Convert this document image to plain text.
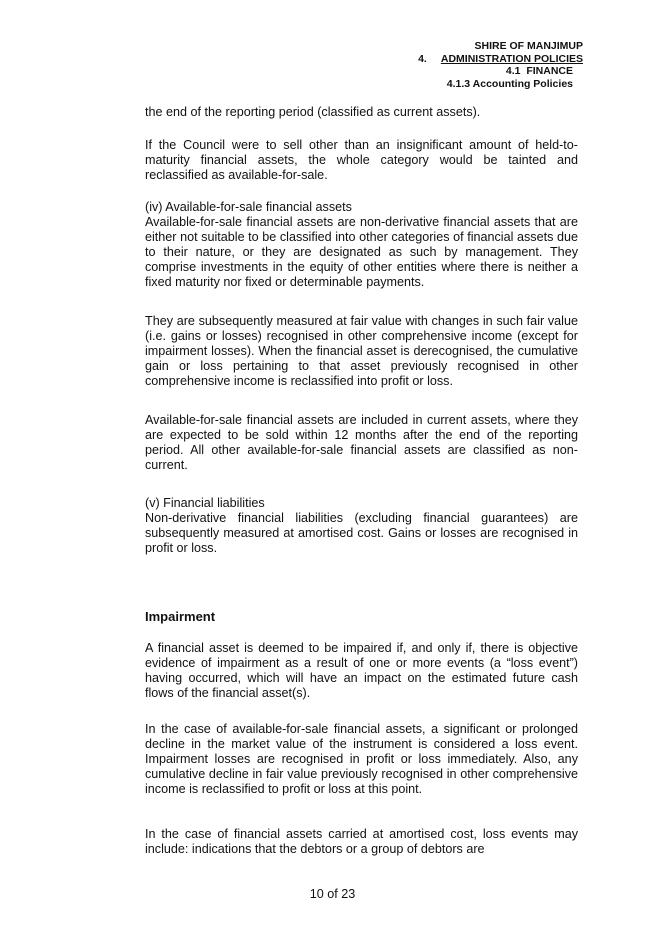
SHIRE OF MANJIMUP
4. ADMINISTRATION POLICIES
4.1 FINANCE
4.1.3 Accounting Policies

the end of the reporting period (classified as current assets).

If the Council were to sell other than an insignificant amount of held-to-maturity financial assets, the whole category would be tainted and reclassified as available-for-sale.

(iv) Available-for-sale financial assets

Available-for-sale financial assets are non-derivative financial assets that are either not suitable to be classified into other categories of financial assets due to their nature, or they are designated as such by management. They comprise investments in the equity of other entities where there is neither a fixed maturity nor fixed or determinable payments.

They are subsequently measured at fair value with changes in such fair value (i.e. gains or losses) recognised in other comprehensive income (except for impairment losses). When the financial asset is derecognised, the cumulative gain or loss pertaining to that asset previously recognised in other comprehensive income is reclassified into profit or loss.

Available-for-sale financial assets are included in current assets, where they are expected to be sold within 12 months after the end of the reporting period. All other available-for-sale financial assets are classified as non-current.

(v) Financial liabilities

Non-derivative financial liabilities (excluding financial guarantees) are subsequently measured at amortised cost. Gains or losses are recognised in profit or loss.

Impairment

A financial asset is deemed to be impaired if, and only if, there is objective evidence of impairment as a result of one or more events (a “loss event”) having occurred, which will have an impact on the estimated future cash flows of the financial asset(s).

In the case of available-for-sale financial assets, a significant or prolonged decline in the market value of the instrument is considered a loss event. Impairment losses are recognised in profit or loss immediately. Also, any cumulative decline in fair value previously recognised in other comprehensive income is reclassified to profit or loss at this point.

In the case of financial assets carried at amortised cost, loss events may include: indications that the debtors or a group of debtors are

10 of 23
